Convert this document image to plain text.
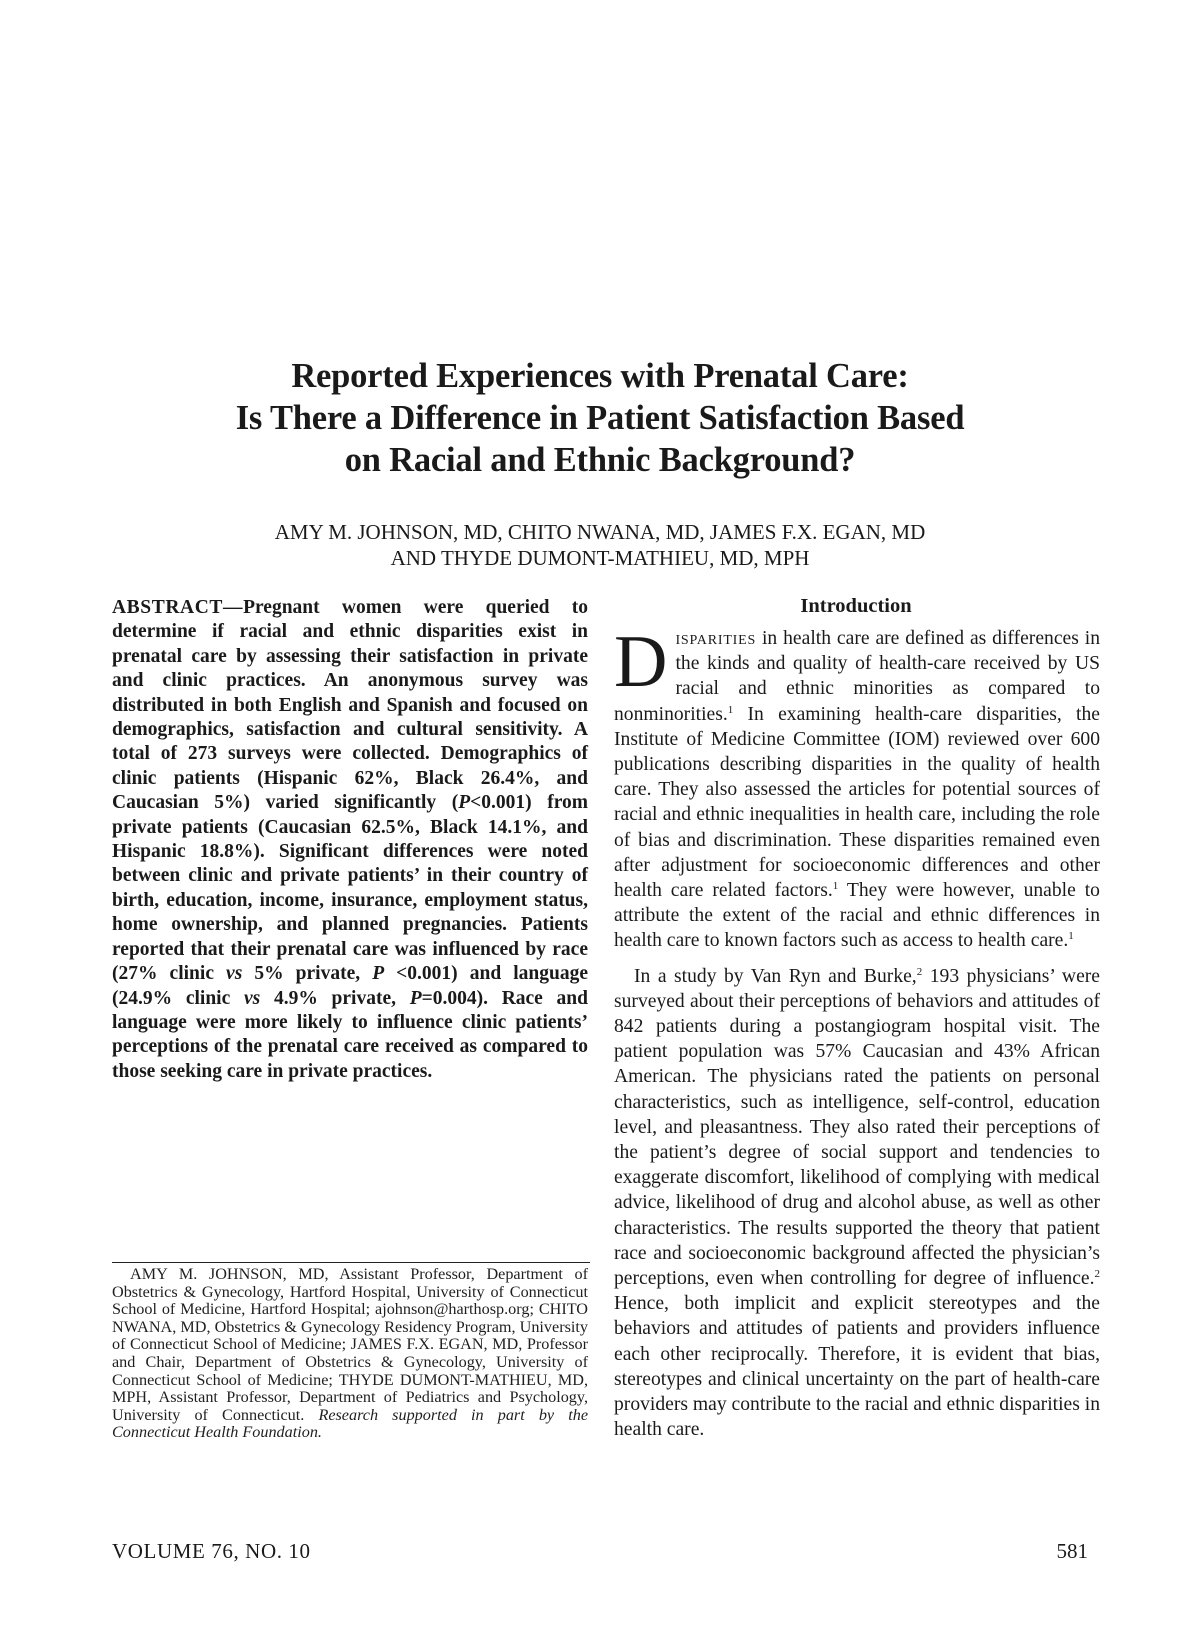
Reported Experiences with Prenatal Care:
Is There a Difference in Patient Satisfaction Based
on Racial and Ethnic Background?
AMY M. JOHNSON, MD, CHITO NWANA, MD, JAMES F.X. EGAN, MD
AND THYDE DUMONT-MATHIEU, MD, MPH
ABSTRACT—Pregnant women were queried to determine if racial and ethnic disparities exist in prenatal care by assessing their satisfaction in private and clinic practices. An anonymous survey was distributed in both English and Spanish and focused on demographics, satisfaction and cultural sensitivity. A total of 273 surveys were collected. Demographics of clinic patients (Hispanic 62%, Black 26.4%, and Caucasian 5%) varied significantly (P<0.001) from private patients (Caucasian 62.5%, Black 14.1%, and Hispanic 18.8%). Significant differences were noted between clinic and private patients’ in their country of birth, education, income, insurance, employment status, home ownership, and planned pregnancies. Patients reported that their prenatal care was influenced by race (27% clinic vs 5% private, P <0.001) and language (24.9% clinic vs 4.9% private, P=0.004). Race and language were more likely to influence clinic patients’ perceptions of the prenatal care received as compared to those seeking care in private practices.
AMY M. JOHNSON, MD, Assistant Professor, Department of Obstetrics & Gynecology, Hartford Hospital, University of Connecticut School of Medicine, Hartford Hospital; ajohnson@harthosp.org; CHITO NWANA, MD, Obstetrics & Gynecology Residency Program, University of Connecticut School of Medicine; JAMES F.X. EGAN, MD, Professor and Chair, Department of Obstetrics & Gynecology, University of Connecticut School of Medicine; THYDE DUMONT-MATHIEU, MD, MPH, Assistant Professor, Department of Pediatrics and Psychology, University of Connecticut. Research supported in part by the Connecticut Health Foundation.
Introduction

Disparities in health care are defined as differences in the kinds and quality of health-care received by US racial and ethnic minorities as compared to nonminorities.$^1$ In examining health-care disparities, the Institute of Medicine Committee (IOM) reviewed over 600 publications describing disparities in the quality of health care. They also assessed the articles for potential sources of racial and ethnic inequalities in health care, including the role of bias and discrimination. These disparities remained even after adjustment for socioeconomic differences and other health care related factors.$^1$ They were however, unable to attribute the extent of the racial and ethnic differences in health care to known factors such as access to health care.$^1$

In a study by Van Ryn and Burke,$^2$ 193 physicians’ were surveyed about their perceptions of behaviors and attitudes of 842 patients during a postangiogram hospital visit. The patient population was 57% Caucasian and 43% African American. The physicians rated the patients on personal characteristics, such as intelligence, self-control, education level, and pleasantness. They also rated their perceptions of the patient’s degree of social support and tendencies to exaggerate discomfort, likelihood of complying with medical advice, likelihood of drug and alcohol abuse, as well as other characteristics. The results supported the theory that patient race and socioeconomic background affected the physician’s perceptions, even when controlling for degree of influence.$^2$ Hence, both implicit and explicit stereotypes and the behaviors and attitudes of patients and providers influence each other reciprocally. Therefore, it is evident that bias, stereotypes and clinical uncertainty on the part of health-care providers may contribute to the racial and ethnic disparities in health care.

VOLUME 76, NO. 10	581
